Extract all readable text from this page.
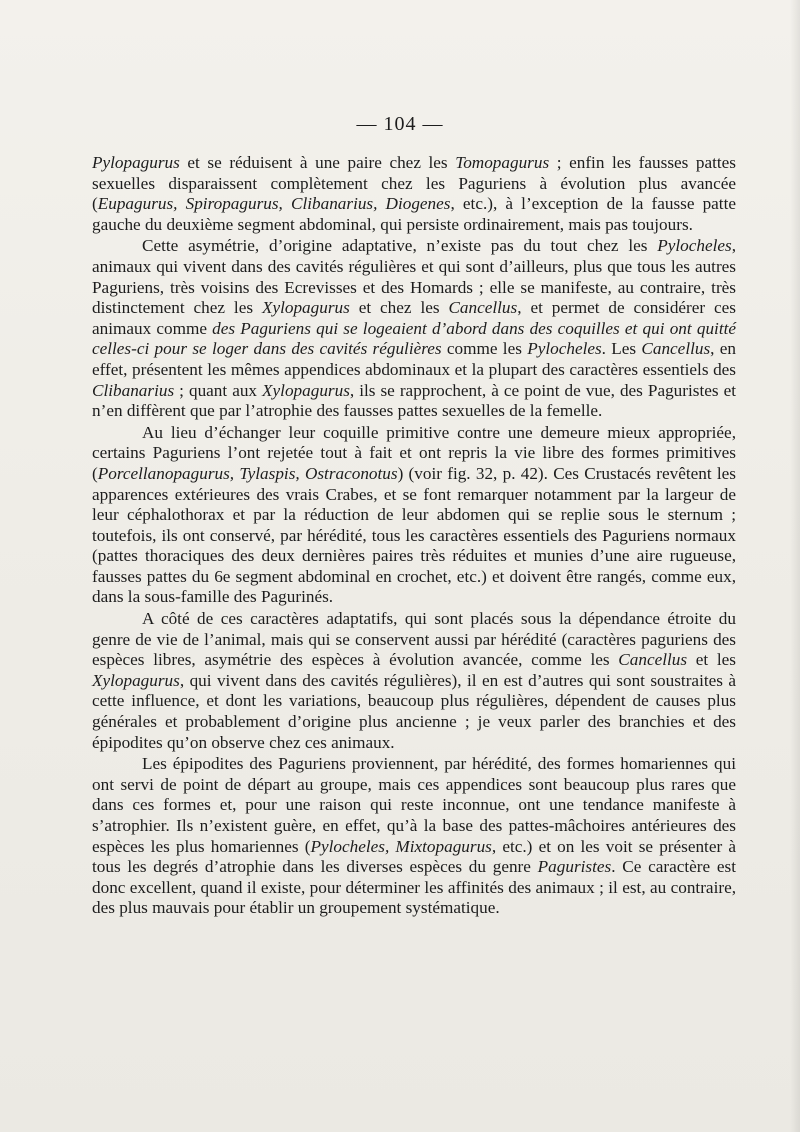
— 104 —

Pylopagurus et se réduisent à une paire chez les Tomopagurus ; enfin les fausses pattes sexuelles disparaissent complètement chez les Paguriens à évolution plus avancée (Eupagurus, Spiropagurus, Clibanarius, Diogenes, etc.), à l’exception de la fausse patte gauche du deuxième segment abdominal, qui persiste ordinairement, mais pas toujours.

Cette asymétrie, d’origine adaptative, n’existe pas du tout chez les Pylocheles, animaux qui vivent dans des cavités régulières et qui sont d’ailleurs, plus que tous les autres Paguriens, très voisins des Ecrevisses et des Homards ; elle se manifeste, au contraire, très distinctement chez les Xylopagurus et chez les Cancellus, et permet de considérer ces animaux comme des Paguriens qui se logeaient d’abord dans des coquilles et qui ont quitté celles-ci pour se loger dans des cavités régulières comme les Pylocheles. Les Cancellus, en effet, présentent les mêmes appendices abdominaux et la plupart des caractères essentiels des Clibanarius ; quant aux Xylopagurus, ils se rapprochent, à ce point de vue, des Paguristes et n’en diffèrent que par l’atrophie des fausses pattes sexuelles de la femelle.

Au lieu d’échanger leur coquille primitive contre une demeure mieux appropriée, certains Paguriens l’ont rejetée tout à fait et ont repris la vie libre des formes primitives (Porcellanopagurus, Tylaspis, Ostraconotus) (voir fig. 32, p. 42). Ces Crustacés revêtent les apparences extérieures des vrais Crabes, et se font remarquer notamment par la largeur de leur céphalothorax et par la réduction de leur abdomen qui se replie sous le sternum ; toutefois, ils ont conservé, par hérédité, tous les caractères essentiels des Paguriens normaux (pattes thoraciques des deux dernières paires très réduites et munies d’une aire rugueuse, fausses pattes du 6e segment abdominal en crochet, etc.) et doivent être rangés, comme eux, dans la sous-famille des Pagurinés.

A côté de ces caractères adaptatifs, qui sont placés sous la dépendance étroite du genre de vie de l’animal, mais qui se conservent aussi par hérédité (caractères paguriens des espèces libres, asymétrie des espèces à évolution avancée, comme les Cancellus et les Xylopagurus, qui vivent dans des cavités régulières), il en est d’autres qui sont soustraites à cette influence, et dont les variations, beaucoup plus régulières, dépendent de causes plus générales et probablement d’origine plus ancienne ; je veux parler des branchies et des épipodites qu’on observe chez ces animaux.

Les épipodites des Paguriens proviennent, par hérédité, des formes homariennes qui ont servi de point de départ au groupe, mais ces appendices sont beaucoup plus rares que dans ces formes et, pour une raison qui reste inconnue, ont une tendance manifeste à s’atrophier. Ils n’existent guère, en effet, qu’à la base des pattes-mâchoires antérieures des espèces les plus homariennes (Pylocheles, Mixtopagurus, etc.) et on les voit se présenter à tous les degrés d’atrophie dans les diverses espèces du genre Paguristes. Ce caractère est donc excellent, quand il existe, pour déterminer les affinités des animaux ; il est, au contraire, des plus mauvais pour établir un groupement systématique.
